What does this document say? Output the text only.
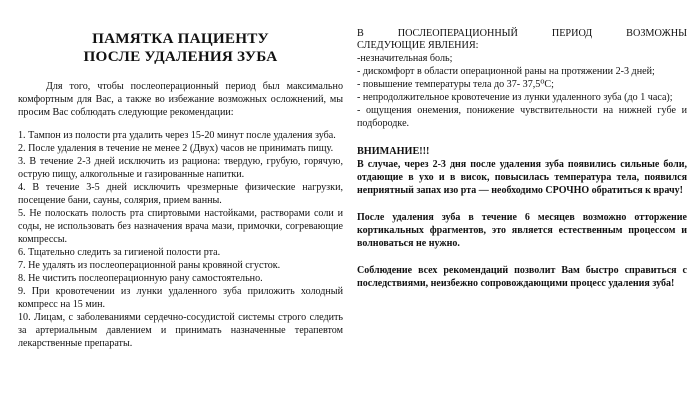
ПАМЯТКА ПАЦИЕНТУ
ПОСЛЕ УДАЛЕНИЯ ЗУБА
Для того, чтобы послеоперационный период был максимально комфортным для Вас, а также во избежание возможных осложнений, мы просим Вас соблюдать следующие рекомендации:
1. Тампон из полости рта удалить через 15-20 минут после удаления зуба.
2. После удаления в течение не менее 2 (Двух) часов не принимать пищу.
3. В течение 2-3 дней исключить из рациона: твердую, грубую, горячую, острую пищу, алкогольные и газированные напитки.
4. В течение 3-5 дней исключить чрезмерные физические нагрузки, посещение бани, сауны, солярия, прием ванны.
5. Не полоскать полость рта спиртовыми настойками, растворами соли и соды, не использовать без назначения врача мази, примочки, согревающие компрессы.
6. Тщательно следить за гигиеной полости рта.
7. Не удалять из послеоперационной раны кровяной сгусток.
8. Не чистить послеоперационную рану самостоятельно.
9. При кровотечении из лунки удаленного зуба приложить холодный компресс на 15 мин.
10. Лицам, с заболеваниями сердечно-сосудистой системы строго следить за артериальным давлением и принимать назначенные терапевтом лекарственные препараты.
В	ПОСЛЕОПЕРАЦИОННЫЙ	ПЕРИОД	ВОЗМОЖНЫ
СЛЕДУЮЩИЕ ЯВЛЕНИЯ:
-незначительная боль;
- дискомфорт в области операционной раны на протяжении 2-3 дней;
- повышение температуры тела до 37- 37,5⁰С;
- непродолжительное кровотечение из лунки удаленного зуба (до 1 часа);
- ощущения онемения, понижение чувствительности на нижней губе и подбородке.
ВНИМАНИЕ!!!
В случае, через 2-3 дня после удаления зуба появились сильные боли, отдающие в ухо и в висок, повысилась температура тела, появился неприятный запах изо рта — необходимо СРОЧНО обратиться к врачу!
После удаления зуба в течение 6 месяцев возможно отторжение кортикальных фрагментов, это является естественным процессом и волноваться не нужно.
Соблюдение всех рекомендаций позволит Вам быстро справиться с последствиями, неизбежно сопровождающими процесс удаления зуба!
